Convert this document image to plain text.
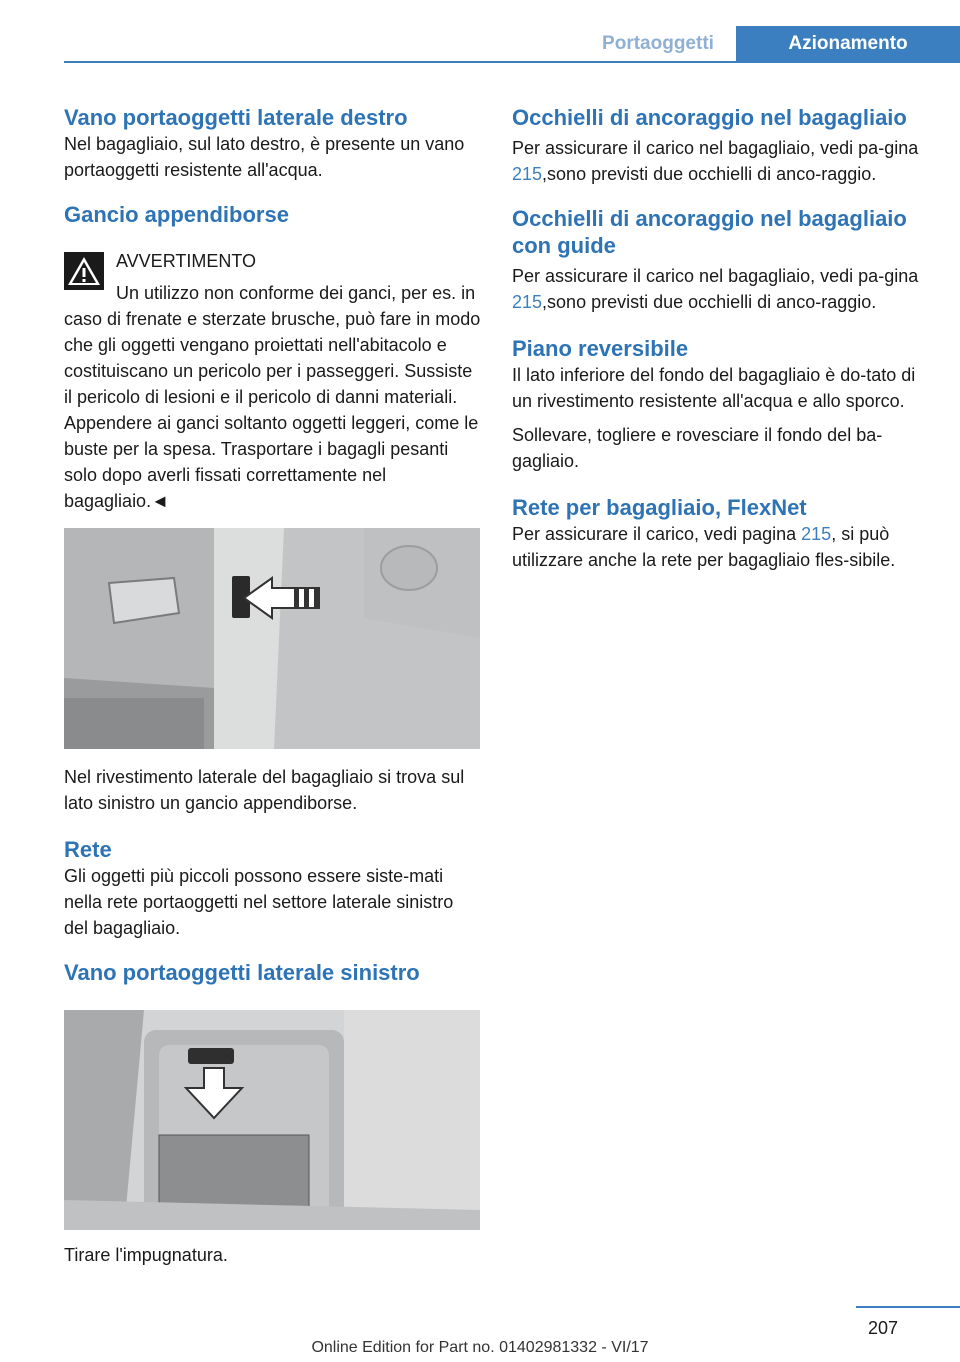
Portaoggetti	Azionamento
Vano portaoggetti laterale destro
Nel bagagliaio, sul lato destro, è presente un vano portaoggetti resistente all'acqua.
Gancio appendiborse
AVVERTIMENTO
Un utilizzo non conforme dei ganci, per es. in caso di frenate e sterzate brusche, può fare in modo che gli oggetti vengano proiettati nell'abitacolo e costituiscano un pericolo per i passeggeri. Sussiste il pericolo di lesioni e il pericolo di danni materiali. Appendere ai ganci soltanto oggetti leggeri, come le buste per la spesa. Trasportare i bagagli pesanti solo dopo averli fissati correttamente nel bagagliaio.◄
Nel rivestimento laterale del bagagliaio si trova sul lato sinistro un gancio appendiborse.
Rete
Gli oggetti più piccoli possono essere siste-mati nella rete portaoggetti nel settore laterale sinistro del bagagliaio.
Vano portaoggetti laterale sinistro
Tirare l'impugnatura.
Occhielli di ancoraggio nel bagagliaio
Per assicurare il carico nel bagagliaio, vedi pa-gina 215,sono previsti due occhielli di anco-raggio.
Occhielli di ancoraggio nel bagagliaio con guide
Per assicurare il carico nel bagagliaio, vedi pa-gina 215,sono previsti due occhielli di anco-raggio.
Piano reversibile
Il lato inferiore del fondo del bagagliaio è do-tato di un rivestimento resistente all'acqua e allo sporco.
Sollevare, togliere e rovesciare il fondo del ba-gagliaio.
Rete per bagagliaio, FlexNet
Per assicurare il carico, vedi pagina 215, si può utilizzare anche la rete per bagagliaio fles-sibile.
207
Online Edition for Part no. 01402981332 - VI/17
